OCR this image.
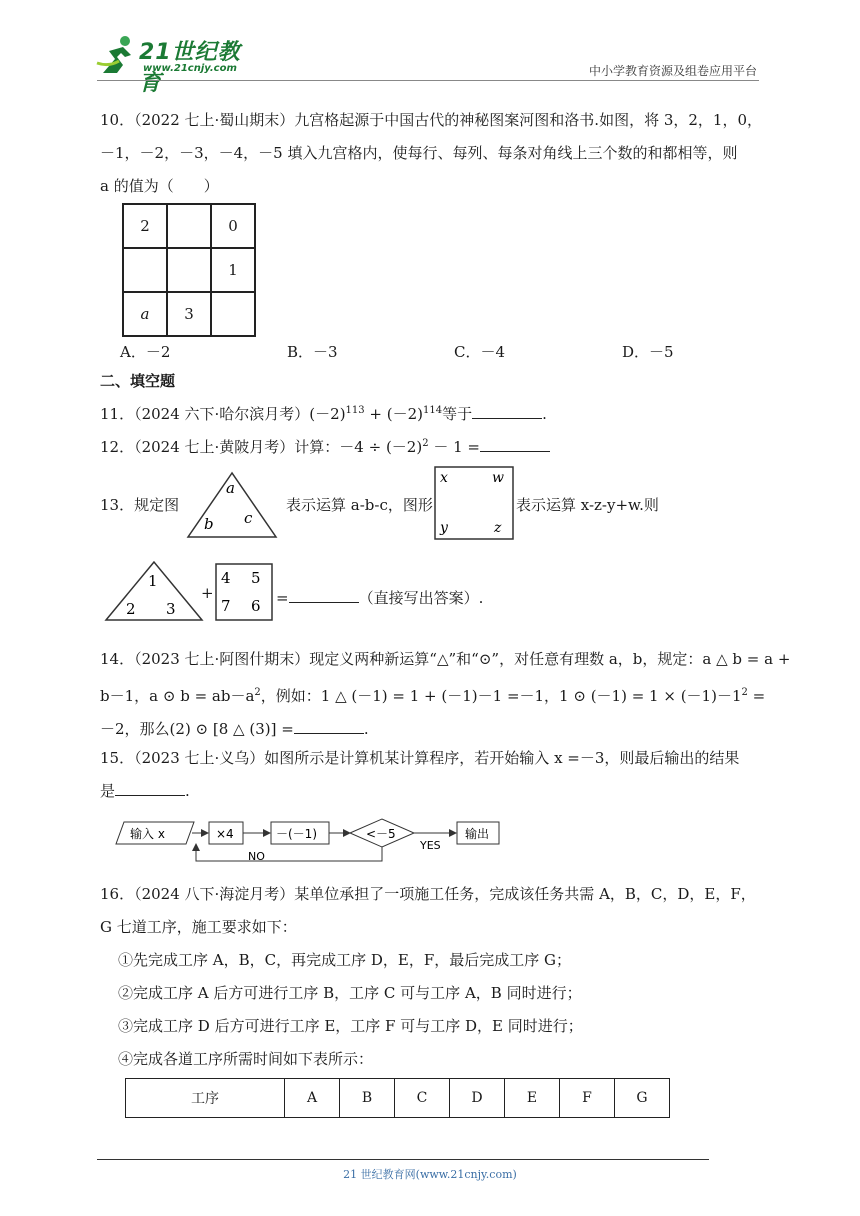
21世纪教育
www.21cnjy.com	中小学教育资源及组卷应用平台
10．（2022 七上·蜀山期末）九宫格起源于中国古代的神秘图案河图和洛书.如图，将 3，2，1，0，
－1，－2，－3，－4，－5 填入九宫格内，使每行、每列、每条对角线上三个数的和都相等，则
a 的值为（　　）
2		0
		1
a	3	
A．－2	B．－3	C．－4	D．－5
二、填空题
11．（2024 六下·哈尔滨月考）$(-2)^{113} + (-2)^{114}$等于	.
12．（2024 七上·黄陂月考）计算：$-4 \div (-2)^2 - 1$ =
13．规定图
a
b c
表示运算 a-b-c，图形
x	w
y	z
表示运算 x-z-y+w.则
1
2 3
+
4 5
7 6 =	（直接写出答案）.
14．（2023 七上·阿图什期末）现定义两种新运算“△”和“⊙”，对任意有理数 a，b，规定：a △ b = a +
b－1，a ⊙ $b = ab-a^2$，例如：1 △ (－1) = 1 + (－1)－1 =－1，1 ⊙ $(-1) = 1 \times (-1)-1^2$ =
－2，那么(2) ⊙ [8 △ (3)] =	.
15．（2023 七上·义乌）如图所示是计算机某计算程序，若开始输入 x =－3，则最后输出的结果
是	.
输入 x	×4	－(－1)	<－5
YES
输出
NO
16．（2024 八下·海淀月考）某单位承担了一项施工任务，完成该任务共需 A，B，C，D，E，F，
G 七道工序，施工要求如下：
①先完成工序 A，B，C，再完成工序 D，E，F，最后完成工序 G；
②完成工序 A 后方可进行工序 B，工序 C 可与工序 A，B 同时进行；
③完成工序 D 后方可进行工序 E，工序 F 可与工序 D，E 同时进行；
④完成各道工序所需时间如下表所示：
工序	A	B	C	D	E	F	G
21 世纪教育网(www.21cnjy.com)
